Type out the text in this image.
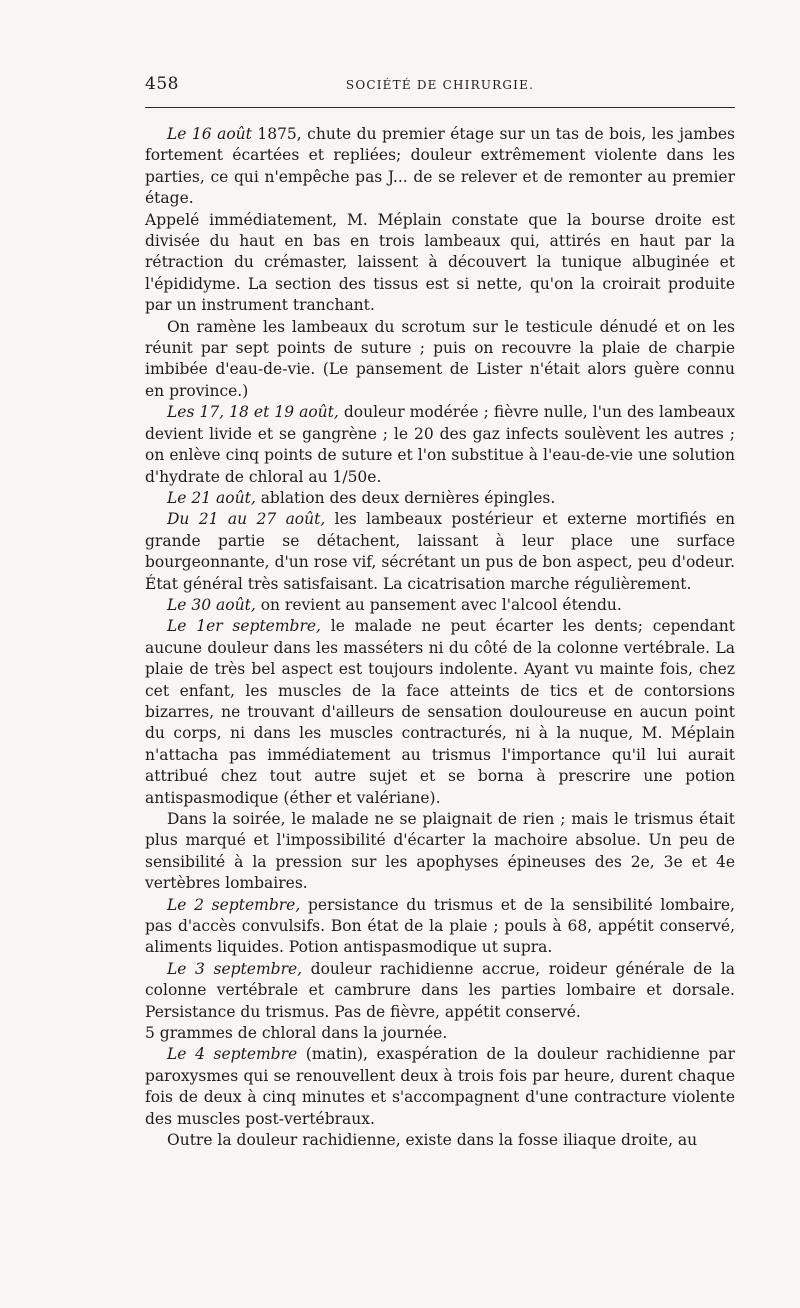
458	SOCIÉTÉ DE CHIRURGIE.

Le 16 août 1875, chute du premier étage sur un tas de bois, les jambes fortement écartées et repliées; douleur extrêmement violente dans les parties, ce qui n'empêche pas J... de se relever et de remonter au premier étage.

Appelé immédiatement, M. Méplain constate que la bourse droite est divisée du haut en bas en trois lambeaux qui, attirés en haut par la rétraction du crémaster, laissent à découvert la tunique albuginée et l'épididyme. La section des tissus est si nette, qu'on la croirait produite par un instrument tranchant.

On ramène les lambeaux du scrotum sur le testicule dénudé et on les réunit par sept points de suture ; puis on recouvre la plaie de charpie imbibée d'eau-de-vie. (Le pansement de Lister n'était alors guère connu en province.)

Les 17, 18 et 19 août, douleur modérée ; fièvre nulle, l'un des lambeaux devient livide et se gangrène ; le 20 des gaz infects soulèvent les autres ; on enlève cinq points de suture et l'on substitue à l'eau-de-vie une solution d'hydrate de chloral au 1/50e.

Le 21 août, ablation des deux dernières épingles.

Du 21 au 27 août, les lambeaux postérieur et externe mortifiés en grande partie se détachent, laissant à leur place une surface bourgeonnante, d'un rose vif, sécrétant un pus de bon aspect, peu d'odeur. État général très satisfaisant. La cicatrisation marche régulièrement.

Le 30 août, on revient au pansement avec l'alcool étendu.

Le 1er septembre, le malade ne peut écarter les dents; cependant aucune douleur dans les masséters ni du côté de la colonne vertébrale. La plaie de très bel aspect est toujours indolente. Ayant vu mainte fois, chez cet enfant, les muscles de la face atteints de tics et de contorsions bizarres, ne trouvant d'ailleurs de sensation douloureuse en aucun point du corps, ni dans les muscles contracturés, ni à la nuque, M. Méplain n'attacha pas immédiatement au trismus l'importance qu'il lui aurait attribué chez tout autre sujet et se borna à prescrire une potion antispasmodique (éther et valériane).

Dans la soirée, le malade ne se plaignait de rien ; mais le trismus était plus marqué et l'impossibilité d'écarter la machoire absolue. Un peu de sensibilité à la pression sur les apophyses épineuses des 2e, 3e et 4e vertèbres lombaires.

Le 2 septembre, persistance du trismus et de la sensibilité lombaire, pas d'accès convulsifs. Bon état de la plaie ; pouls à 68, appétit conservé, aliments liquides. Potion antispasmodique ut supra.

Le 3 septembre, douleur rachidienne accrue, roideur générale de la colonne vertébrale et cambrure dans les parties lombaire et dorsale. Persistance du trismus. Pas de fièvre, appétit conservé.

5 grammes de chloral dans la journée.

Le 4 septembre (matin), exaspération de la douleur rachidienne par paroxysmes qui se renouvellent deux à trois fois par heure, durent chaque fois de deux à cinq minutes et s'accompagnent d'une contracture violente des muscles post-vertébraux.

Outre la douleur rachidienne, existe dans la fosse iliaque droite, au
